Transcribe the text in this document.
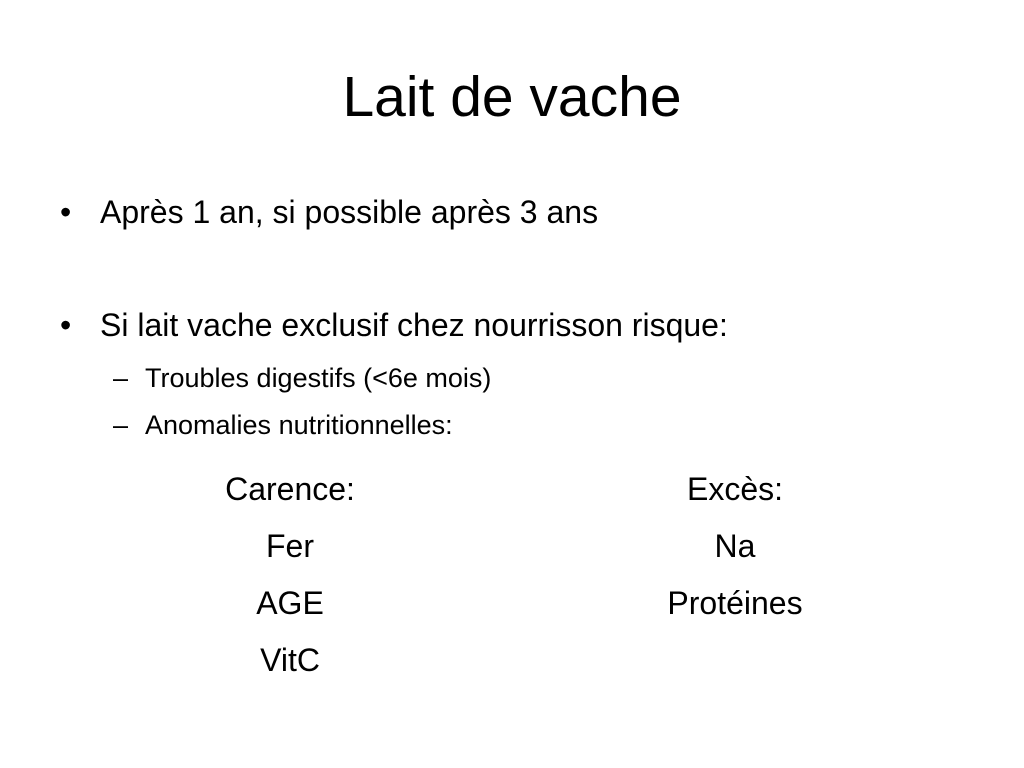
Lait de vache
• Après 1 an, si possible après 3 ans
• Si lait vache exclusif chez nourrisson risque:
– Troubles digestifs (<6e mois)
– Anomalies nutritionnelles:
Carence:
Fer
AGE
VitC
Excès:
Na
Protéines
